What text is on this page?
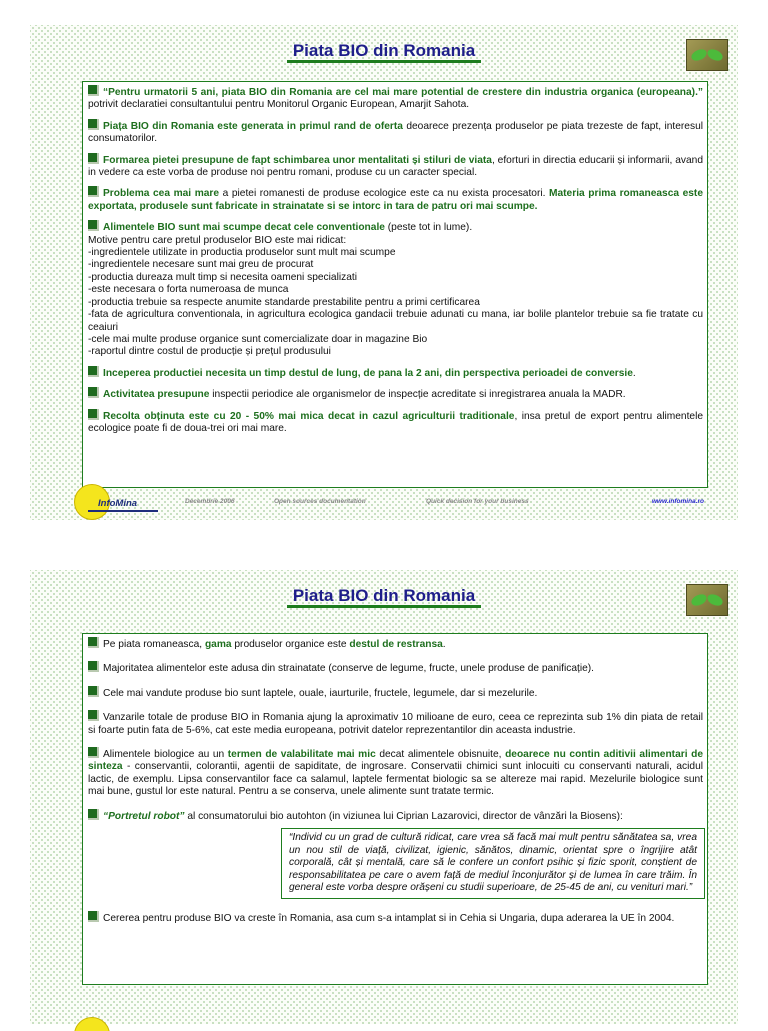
Piata BIO din Romania

“Pentru urmatorii 5 ani, piata BIO din Romania are cel mai mare potential de crestere din industria organica (europeana).” potrivit declaratiei consultantului pentru Monitorul Organic European, Amarjit Sahota.

Piața BIO din Romania este generata in primul rand de oferta deoarece prezența produselor pe piata trezeste de fapt, interesul consumatorilor.

Formarea pietei presupune de fapt schimbarea unor mentalitati și stiluri de viata, eforturi in directia educarii și informarii, avand in vedere ca este vorba de produse noi pentru romani, produse cu un caracter special.

Problema cea mai mare a pietei romanesti de produse ecologice este ca nu exista procesatori. Materia prima romaneasca este exportata, produsele sunt fabricate in strainatate si se intorc in tara de patru ori mai scumpe.

Alimentele BIO sunt mai scumpe decat cele conventionale (peste tot in lume).
Motive pentru care pretul produselor BIO este mai ridicat:
-ingredientele utilizate in productia produselor sunt mult mai scumpe
-ingredientele necesare sunt mai greu de procurat
-productia dureaza mult timp si necesita oameni specializati
-este necesara o forta numeroasa de munca
-productia trebuie sa respecte anumite standarde prestabilite pentru a primi certificarea
-fata de agricultura conventionala, in agricultura ecologica gandacii trebuie adunati cu mana, iar bolile plantelor trebuie sa fie tratate cu ceaiuri
-cele mai multe produse organice sunt comercializate doar in magazine Bio
-raportul dintre costul de producție și prețul produsului

Inceperea productiei necesita un timp destul de lung, de pana la 2 ani, din perspectiva perioadei de conversie.

Activitatea presupune inspectii periodice ale organismelor de inspecție acreditate si inregistrarea anuala la MADR.

Recolta obținuta este cu 20 - 50% mai mica decat in cazul agriculturii traditionale, insa pretul de export pentru alimentele ecologice poate fi de doua-trei ori mai mare.

InfoMina	Decembrie 2006	Open sources documentation	Quick decision for your business	www.infomina.ro
Piata BIO din Romania

Pe piata romaneasca, gama produselor organice este destul de restransa.

Majoritatea alimentelor este adusa din strainatate (conserve de legume, fructe, unele produse de panificație).

Cele mai vandute produse bio sunt laptele, ouale, iaurturile, fructele, legumele, dar si mezelurile.

Vanzarile totale de produse BIO in Romania ajung la aproximativ 10 milioane de euro, ceea ce reprezinta sub 1% din piata de retail si foarte putin fata de 5-6%, cat este media europeana, potrivit datelor reprezentantilor din aceasta industrie.

Alimentele biologice au un termen de valabilitate mai mic decat alimentele obisnuite, deoarece nu contin aditivii alimentari de sinteza - conservantii, colorantii, agentii de sapiditate, de ingrosare. Conservatii chimici sunt inlocuiti cu conservanti naturali, acidul lactic, de exemplu. Lipsa conservantilor face ca salamul, laptele fermentat biologic sa se altereze mai rapid. Mezelurile biologice sunt mai bune, gustul lor este natural. Pentru a se conserva, unele alimente sunt tratate termic.

“Portretul robot” al consumatorului bio autohton (in viziunea lui Ciprian Lazarovici, director de vânzări la Biosens):

“Individ cu un grad de cultură ridicat, care vrea să facă mai mult pentru sănătatea sa, vrea un nou stil de viață, civilizat, igienic, sănătos, dinamic, orientat spre o îngrijire atât corporală, cât și mentală, care să le confere un confort psihic și fizic sporit, conștient de responsabilitatea pe care o avem față de mediul înconjurător și de lumea în care trăim. În general este vorba despre orășeni cu studii superioare, de 25-45 de ani, cu venituri mari.”

Cererea pentru produse BIO va creste în Romania, asa cum s-a intamplat si in Cehia si Ungaria, dupa aderarea la UE în 2004.
